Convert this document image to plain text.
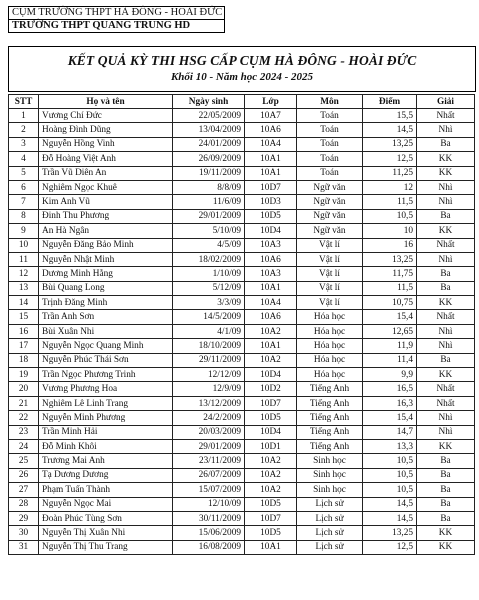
CỤM TRƯỜNG THPT HÀ ĐÔNG - HOÀI ĐỨC
TRƯỜNG THPT QUANG TRUNG HD
KẾT QUẢ KỲ THI HSG CẤP CỤM HÀ ĐÔNG - HOÀI ĐỨC
Khối 10 - Năm học 2024 - 2025
STT	Họ và tên	Ngày sinh	Lớp	Môn	Điểm	Giải
1	Vương Chí Đức	22/05/2009	10A7	Toán	15,5	Nhất
2	Hoàng Đình Dũng	13/04/2009	10A6	Toán	14,5	Nhì
3	Nguyễn Hồng Vinh	24/01/2009	10A4	Toán	13,25	Ba
4	Đỗ Hoàng Việt Anh	26/09/2009	10A1	Toán	12,5	KK
5	Trần Vũ Diên An	19/11/2009	10A1	Toán	11,25	KK
6	Nghiêm Ngọc Khuê	8/8/09	10D7	Ngữ văn	12	Nhì
7	Kim Anh Vũ	11/6/09	10D3	Ngữ văn	11,5	Nhì
8	Đinh Thu Phương	29/01/2009	10D5	Ngữ văn	10,5	Ba
9	An Hà Ngân	5/10/09	10D4	Ngữ văn	10	KK
10	Nguyễn Đăng Bảo Minh	4/5/09	10A3	Vật lí	16	Nhất
11	Nguyễn Nhật Minh	18/02/2009	10A6	Vật lí	13,25	Nhì
12	Dương Minh Hằng	1/10/09	10A3	Vật lí	11,75	Ba
13	Bùi Quang Long	5/12/09	10A1	Vật lí	11,5	Ba
14	Trịnh Đăng Minh	3/3/09	10A4	Vật lí	10,75	KK
15	Trần Anh Sơn	14/5/2009	10A6	Hóa học	15,4	Nhất
16	Bùi Xuân Nhi	4/1/09	10A2	Hóa học	12,65	Nhì
17	Nguyễn Ngọc Quang Minh	18/10/2009	10A1	Hóa học	11,9	Nhì
18	Nguyễn Phúc Thái Sơn	29/11/2009	10A2	Hóa học	11,4	Ba
19	Trần Ngọc Phương Trinh	12/12/09	10D4	Hóa học	9,9	KK
20	Vương Phương Hoa	12/9/09	10D2	Tiếng Anh	16,5	Nhất
21	Nghiêm Lê Linh Trang	13/12/2009	10D7	Tiếng Anh	16,3	Nhất
22	Nguyễn Minh Phương	24/2/2009	10D5	Tiếng Anh	15,4	Nhì
23	Trần Minh Hải	20/03/2009	10D4	Tiếng Anh	14,7	Nhì
24	Đỗ Minh Khôi	29/01/2009	10D1	Tiếng Anh	13,3	KK
25	Trương Mai Anh	23/11/2009	10A2	Sinh học	10,5	Ba
26	Tạ Dương Dương	26/07/2009	10A2	Sinh học	10,5	Ba
27	Phạm Tuấn Thành	15/07/2009	10A2	Sinh học	10,5	Ba
28	Nguyễn Ngọc Mai	12/10/09	10D5	Lịch sử	14,5	Ba
29	Đoàn Phúc Tùng Sơn	30/11/2009	10D7	Lịch sử	14,5	Ba
30	Nguyễn Thị Xuân Nhi	15/06/2009	10D5	Lịch sử	13,25	KK
31	Nguyễn Thị Thu Trang	16/08/2009	10A1	Lịch sử	12,5	KK
